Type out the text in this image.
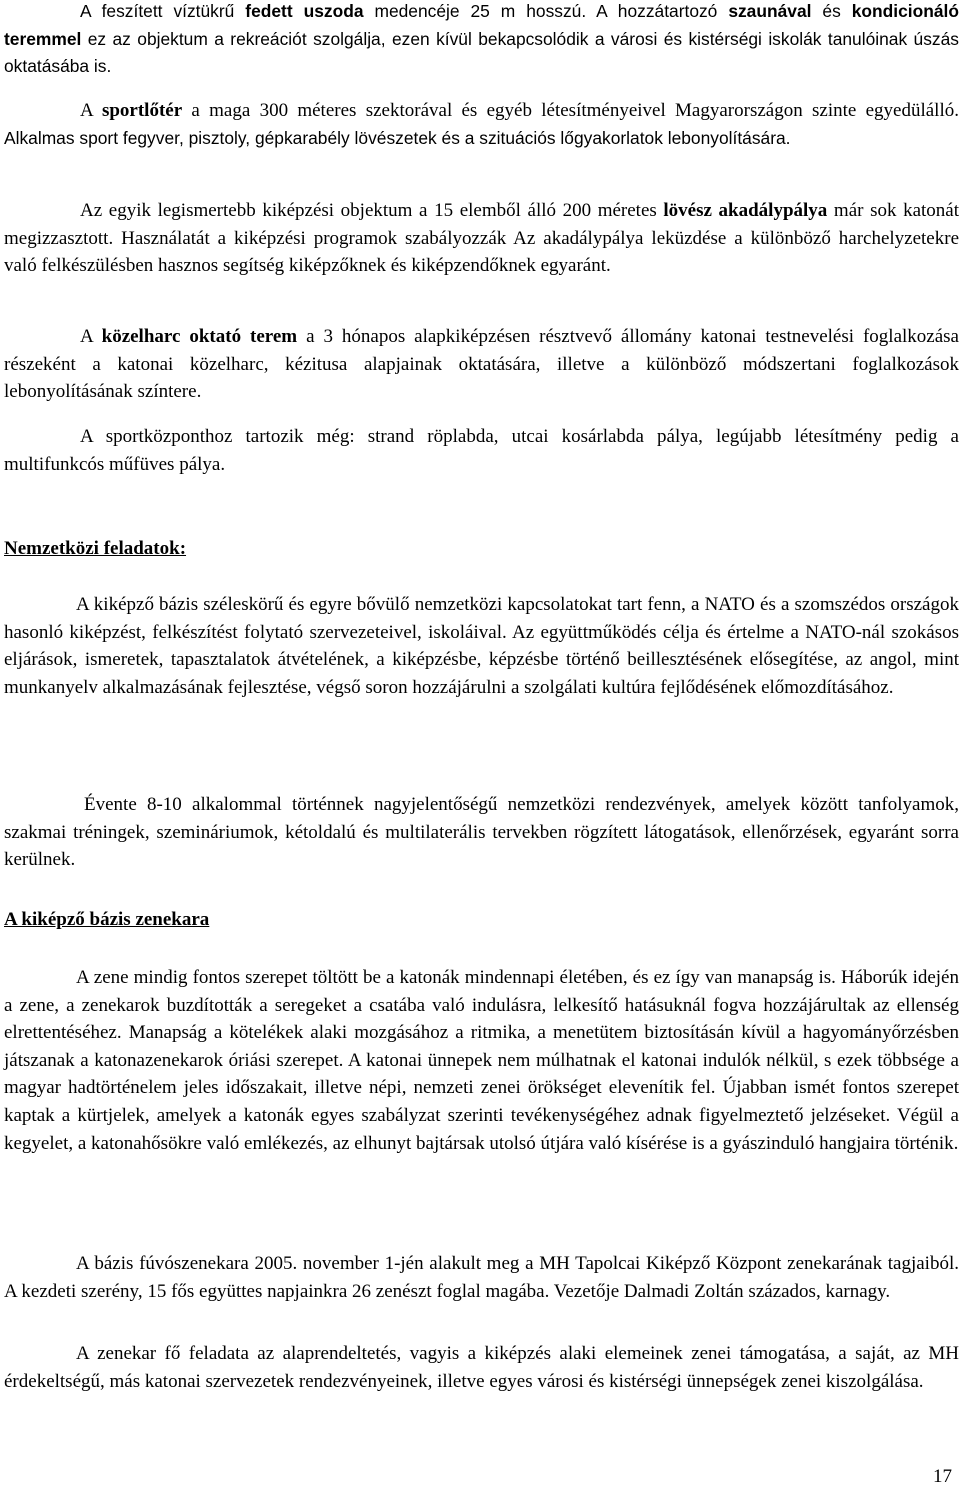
A feszített víztükrű fedett uszoda medencéje 25 m hosszú. A hozzátartozó szaunával és kondicionáló teremmel ez az objektum a rekreációt szolgálja, ezen kívül bekapcsolódik a városi és kistérségi iskolák tanulóinak úszás oktatásába is.

A sportlőtér a maga 300 méteres szektorával és egyéb létesítményeivel Magyarországon szinte egyedülálló. Alkalmas sport fegyver, pisztoly, gépkarabély lövészetek és a szituációs lőgyakorlatok lebonyolítására.

Az egyik legismertebb kiképzési objektum a 15 elemből álló 200 méretes lövész akadálypálya már sok katonát megizzasztott. Használatát a kiképzési programok szabályozzák Az akadálypálya leküzdése a különböző harchelyzetekre való felkészülésben hasznos segítség kiképzőknek és kiképzendőknek egyaránt.

A közelharc oktató terem a 3 hónapos alapkiképzésen résztvevő állomány katonai testnevelési foglalkozása részeként a katonai közelharc, kézitusa alapjainak oktatására, illetve a különböző módszertani foglalkozások lebonyolításának színtere.

A sportközponthoz tartozik még: strand röplabda, utcai kosárlabda pálya, legújabb létesítmény pedig a multifunkcós műfüves pálya.

Nemzetközi feladatok:

A kiképző bázis széleskörű és egyre bővülő nemzetközi kapcsolatokat tart fenn, a NATO és a szomszédos országok hasonló kiképzést, felkészítést folytató szervezeteivel, iskoláival. Az együttműködés célja és értelme a NATO-nál szokásos eljárások, ismeretek, tapasztalatok átvételének, a kiképzésbe, képzésbe történő beillesztésének elősegítése, az angol, mint munkanyelv alkalmazásának fejlesztése, végső soron hozzájárulni a szolgálati kultúra fejlődésének előmozdításához.

Évente 8-10 alkalommal történnek nagyjelentőségű nemzetközi rendezvények, amelyek között tanfolyamok, szakmai tréningek, szemináriumok, kétoldalú és multilaterális tervekben rögzített látogatások, ellenőrzések, egyaránt sorra kerülnek.

A kiképző bázis zenekara

A zene mindig fontos szerepet töltött be a katonák mindennapi életében, és ez így van manapság is. Háborúk idején a zene, a zenekarok buzdították a seregeket a csatába való indulásra, lelkesítő hatásuknál fogva hozzájárultak az ellenség elrettentéséhez. Manapság a kötelékek alaki mozgásához a ritmika, a menetütem biztosításán kívül a hagyományőrzésben játszanak a katonazenekarok óriási szerepet. A katonai ünnepek nem múlhatnak el katonai indulók nélkül, s ezek többsége a magyar hadtörténelem jeles időszakait, illetve népi, nemzeti zenei örökséget elevenítik fel. Újabban ismét fontos szerepet kaptak a kürtjelek, amelyek a katonák egyes szabályzat szerinti tevékenységéhez adnak figyelmeztető jelzéseket. Végül a kegyelet, a katonahősökre való emlékezés, az elhunyt bajtársak utolsó útjára való kísérése is a gyászinduló hangjaira történik.

A bázis fúvószenekara 2005. november 1-jén alakult meg a MH Tapolcai Kiképző Központ zenekarának tagjaiból. A kezdeti szerény, 15 fős együttes napjainkra 26 zenészt foglal magába. Vezetője Dalmadi Zoltán százados, karnagy.

A zenekar fő feladata az alaprendeltetés, vagyis a kiképzés alaki elemeinek zenei támogatása, a saját, az MH érdekeltségű, más katonai szervezetek rendezvényeinek, illetve egyes városi és kistérségi ünnepségek zenei kiszolgálása.

17
